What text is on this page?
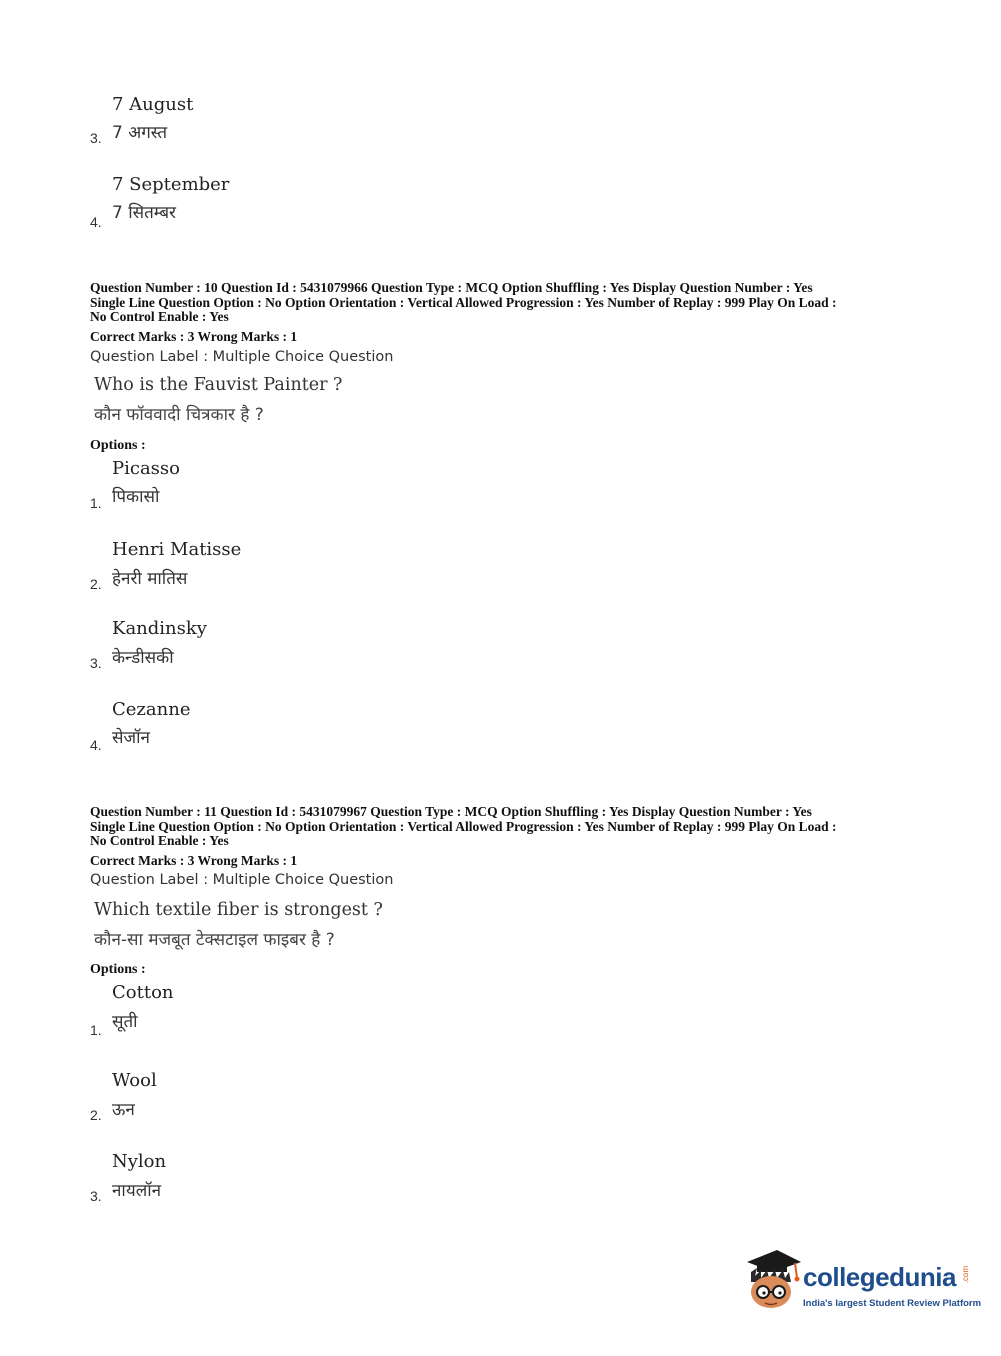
7 August
7 अगस्त
3.
7 September
7 सितम्बर
4.
Question Number : 10 Question Id : 5431079966 Question Type : MCQ Option Shuffling : Yes Display Question Number : Yes
Single Line Question Option : No Option Orientation : Vertical Allowed Progression : Yes Number of Replay : 999 Play On Load :
No Control Enable : Yes
Correct Marks : 3 Wrong Marks : 1
Question Label : Multiple Choice Question
Who is the Fauvist Painter ?
कौन फॉववादी चित्रकार है ?
Options :
Picasso
पिकासो
1.
Henri Matisse
हेनरी मातिस
2.
Kandinsky
केन्डीसकी
3.
Cezanne
सेजॉन
4.
Question Number : 11 Question Id : 5431079967 Question Type : MCQ Option Shuffling : Yes Display Question Number : Yes
Single Line Question Option : No Option Orientation : Vertical Allowed Progression : Yes Number of Replay : 999 Play On Load :
No Control Enable : Yes
Correct Marks : 3 Wrong Marks : 1
Question Label : Multiple Choice Question
Which textile fiber is strongest ?
कौन-सा मजबूत टेक्सटाइल फाइबर है ?
Options :
Cotton
सूती
1.
Wool
ऊन
2.
Nylon
नायलॉन
3.
collegedunia .com
India's largest Student Review Platform
